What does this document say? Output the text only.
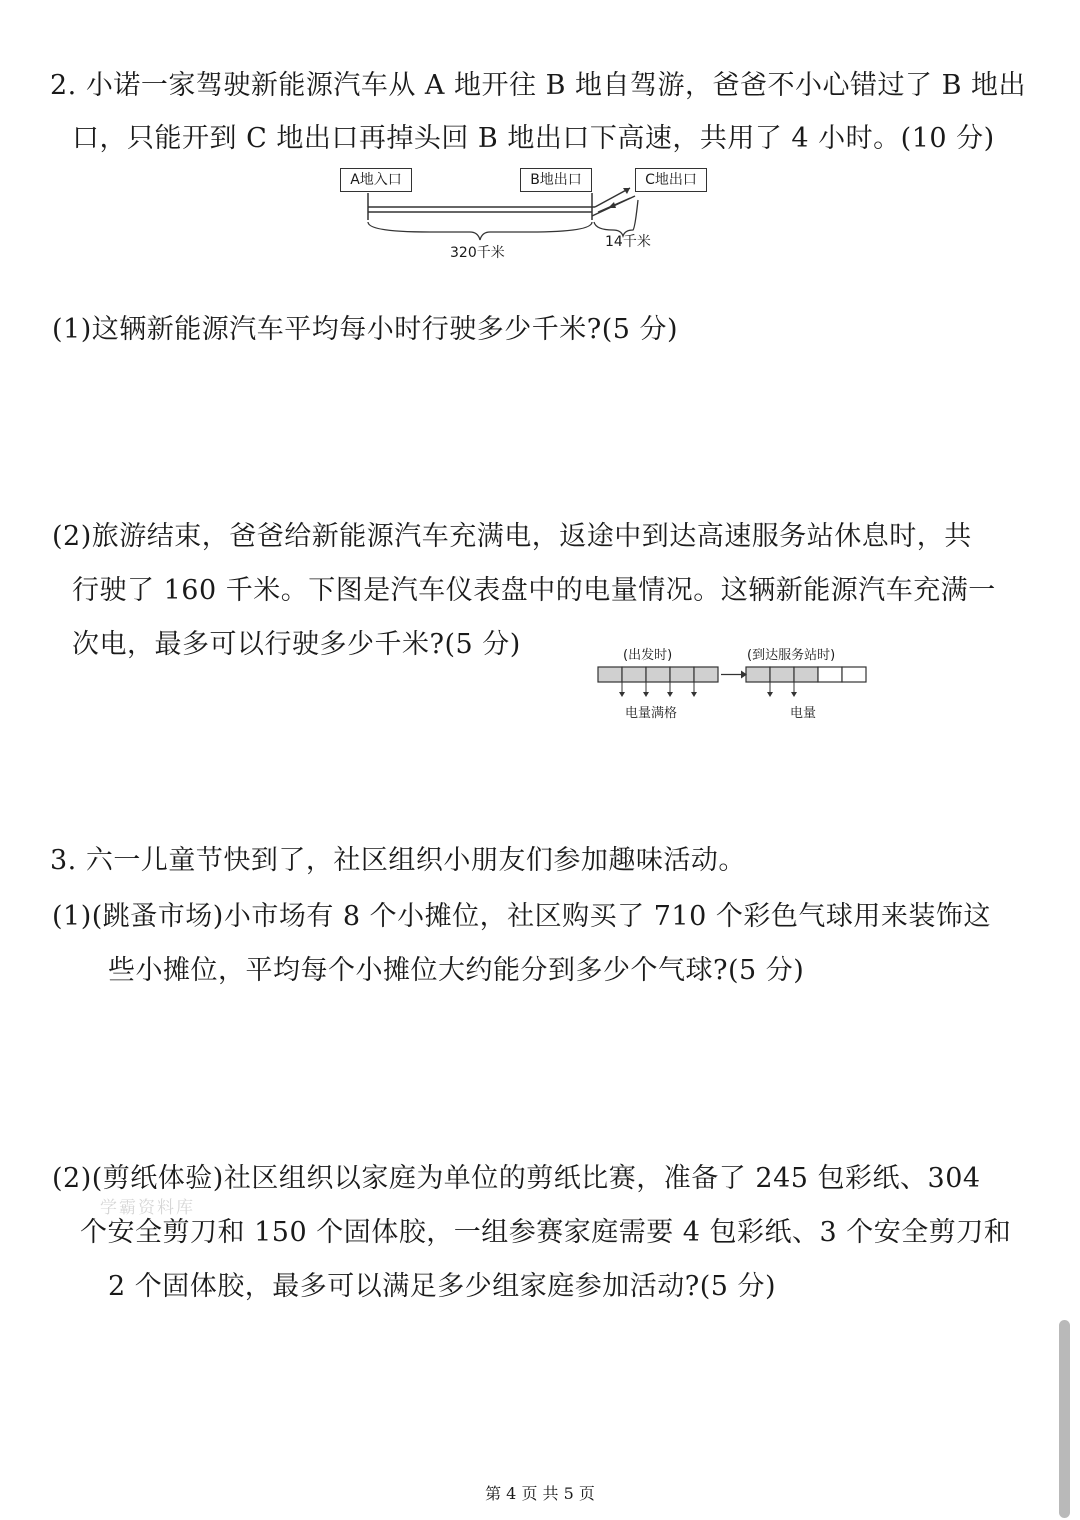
2. 小诺一家驾驶新能源汽车从 A 地开往 B 地自驾游，爸爸不小心错过了 B 地出
口，只能开到 C 地出口再掉头回 B 地出口下高速，共用了 4 小时。(10 分)
A地入口	B地出口	C地出口
320千米
14千米
(1)这辆新能源汽车平均每小时行驶多少千米?(5 分)
(2)旅游结束，爸爸给新能源汽车充满电，返途中到达高速服务站休息时，共
行驶了 160 千米。下图是汽车仪表盘中的电量情况。这辆新能源汽车充满一
次电，最多可以行驶多少千米?(5 分)	(出发时)	(到达服务站时)
电量满格	电量
3. 六一儿童节快到了，社区组织小朋友们参加趣味活动。
(1)(跳蚤市场)小市场有 8 个小摊位，社区购买了 710 个彩色气球用来装饰这
些小摊位，平均每个小摊位大约能分到多少个气球?(5 分)
(2)(剪纸体验)社区组织以家庭为单位的剪纸比赛，准备了 245 包彩纸、304
个安全剪刀和 150 个固体胶，一组参赛家庭需要 4 包彩纸、3 个安全剪刀和
2 个固体胶，最多可以满足多少组家庭参加活动?(5 分)
学霸资料库
第 4 页 共 5 页
